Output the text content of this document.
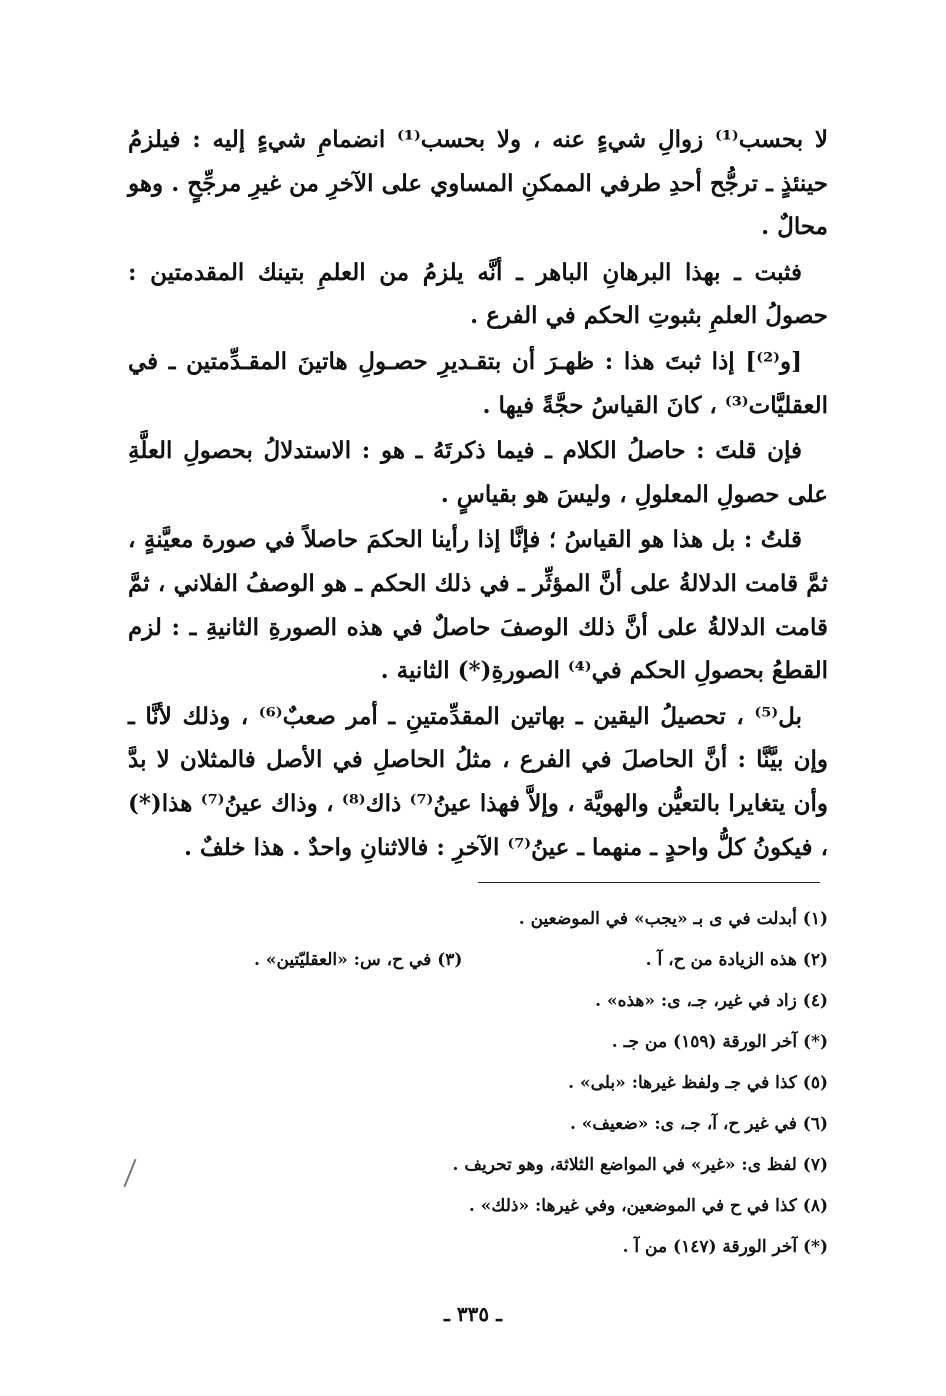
لا بحسب⁽¹⁾ زوالِ شيءٍ عنه ، ولا بحسب⁽¹⁾ انضمامِ شيءٍ إليه : فيلزمُ حينئذٍ ـ ترجُّح أحدِ طرفي الممكنِ المساوي على الآخرِ من غيرِ مرجِّحٍ . وهو محالٌ .

فثبت ـ بهذا البرهانِ الباهر ـ أنَّه يلزمُ من العلمِ بتينك المقدمتين : حصولُ العلمِ بثبوتِ الحكم في الفرع .

[و⁽²⁾] إذا ثبتَ هذا : ظهـرَ أن بتقـديرِ حصـولِ هاتينَ المقـدِّمتين ـ في العقليَّات⁽³⁾ ، كانَ القياسُ حجَّةً فيها .

فإن قلتَ : حاصلُ الكلام ـ فيما ذكرتَهُ ـ هو : الاستدلالُ بحصولِ العلَّةِ على حصولِ المعلولِ ، وليسَ هو بقياسٍ .

قلتُ : بل هذا هو القياسُ ؛ فإنَّا إذا رأينا الحكمَ حاصلاً في صورة معيَّنةٍ ، ثمَّ قامت الدلالةُ على أنَّ المؤثِّر ـ في ذلك الحكم ـ هو الوصفُ الفلاني ، ثمَّ قامت الدلالةُ على أنَّ ذلك الوصفَ حاصلٌ في هذه الصورةِ الثانيةِ ـ : لزم القطعُ بحصولِ الحكم في⁽⁴⁾ الصورةِ(*) الثانية .

بل⁽⁵⁾ ، تحصيلُ اليقين ـ بهاتين المقدِّمتينِ ـ أمر صعبٌ⁽⁶⁾ ، وذلك لأنَّا ـ وإن بيَّنَّا : أنَّ الحاصلَ في الفرع ، مثلُ الحاصلِ في الأصل فالمثلان لا بدَّ وأن يتغايرا بالتعيُّن والهويَّة ، وإلاَّ فهذا عينُ⁽⁷⁾ ذاك⁽⁸⁾ ، وذاك عينُ⁽⁷⁾ هذا(*) ، فيكونُ كلُّ واحدٍ ـ منهما ـ عينُ⁽⁷⁾ الآخرِ : فالاثنانِ واحدٌ . هذا خلفٌ .

(١) أبدلت في ى بـ «يجب» في الموضعين .
(٢) هذه الزيادة من ح، آ .
(٣) في ح، س: «العقليّتين» .
(٤) زاد في غير، جـ، ى: «هذه» .
(*) آخر الورقة (١٥٩) من جـ .
(٥) كذا في جـ ولفظ غيرها: «بلى» .
(٦) في غير ح، آ، جـ، ى: «ضعيف» .
(٧) لفظ ى: «غير» في المواضع الثلاثة، وهو تحريف .
(٨) كذا في ح في الموضعين، وفي غيرها: «ذلك» .
(*) آخر الورقة (١٤٧) من آ .
ـ ٣٣٥ ـ
